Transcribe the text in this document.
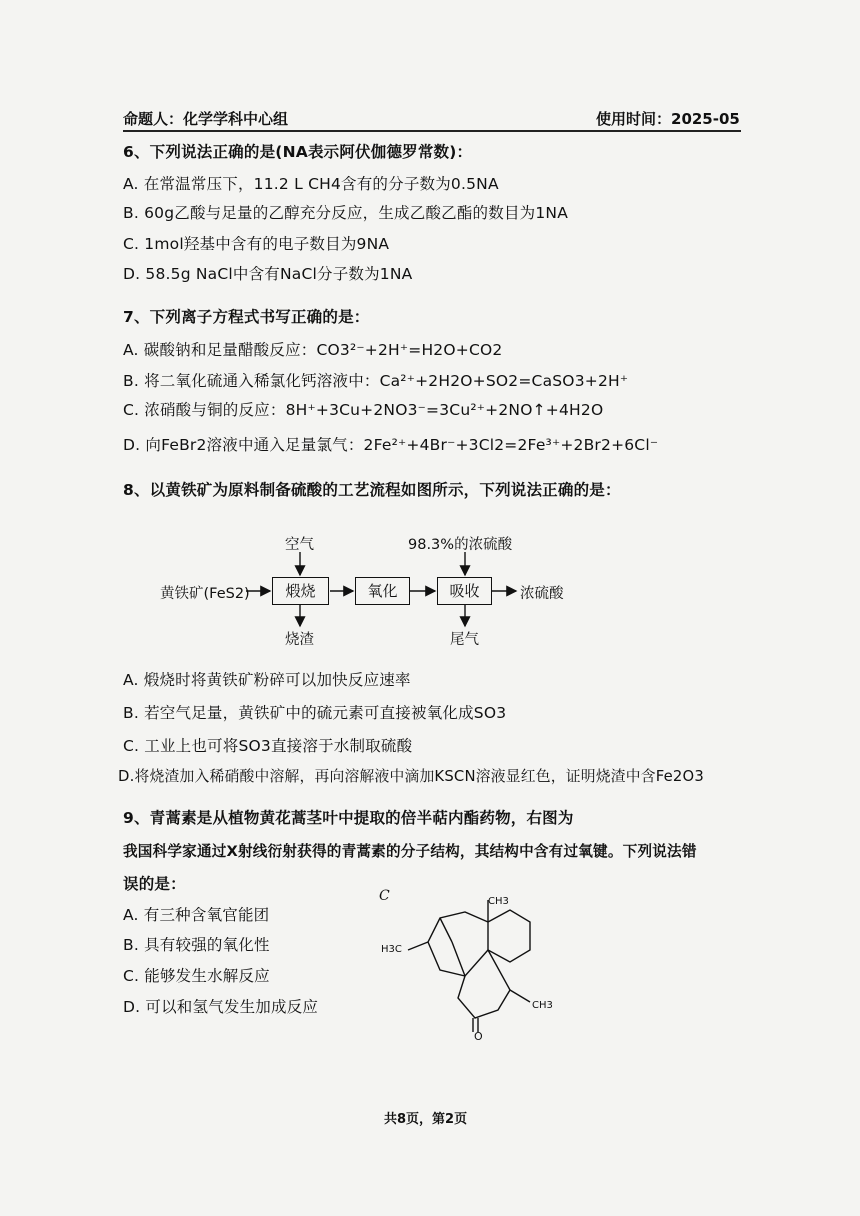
命题人：化学学科中心组	使用时间：2025-05
6、下列说法正确的是(NA表示阿伏伽德罗常数)：
A. 在常温常压下，11.2 L CH4含有的分子数为0.5NA
B. 60g乙酸与足量的乙醇充分反应，生成乙酸乙酯的数目为1NA
C. 1mol羟基中含有的电子数目为9NA
D. 58.5g NaCl中含有NaCl分子数为1NA
7、下列离子方程式书写正确的是：
A. 碳酸钠和足量醋酸反应：CO3²⁻+2H⁺=H2O+CO2
B. 将二氧化硫通入稀氯化钙溶液中：Ca²⁺+2H2O+SO2=CaSO3+2H⁺
C. 浓硝酸与铜的反应：8H⁺+3Cu+2NO3⁻=3Cu²⁺+2NO↑+4H2O
D. 向FeBr2溶液中通入足量氯气：2Fe²⁺+4Br⁻+3Cl2=2Fe³⁺+2Br2+6Cl⁻
8、以黄铁矿为原料制备硫酸的工艺流程如图所示，下列说法正确的是：
空气	98.3%的浓硫酸
黄铁矿(FeS2)	煅烧	氧化	吸收	浓硫酸
烧渣	尾气
A. 煅烧时将黄铁矿粉碎可以加快反应速率
B. 若空气足量，黄铁矿中的硫元素可直接被氧化成SO3
C. 工业上也可将SO3直接溶于水制取硫酸
D.将烧渣加入稀硝酸中溶解，再向溶解液中滴加KSCN溶液显红色，证明烧渣中含Fe2O3
9、青蒿素是从植物黄花蒿茎叶中提取的倍半萜内酯药物，右图为
我国科学家通过X射线衍射获得的青蒿素的分子结构，其结构中含有过氧键。下列说法错
误的是：
A. 有三种含氧官能团
B. 具有较强的氧化性
C. 能够发生水解反应
D. 可以和氢气发生加成反应
CH3
H3C
CH3
O
C
共8页，第2页
